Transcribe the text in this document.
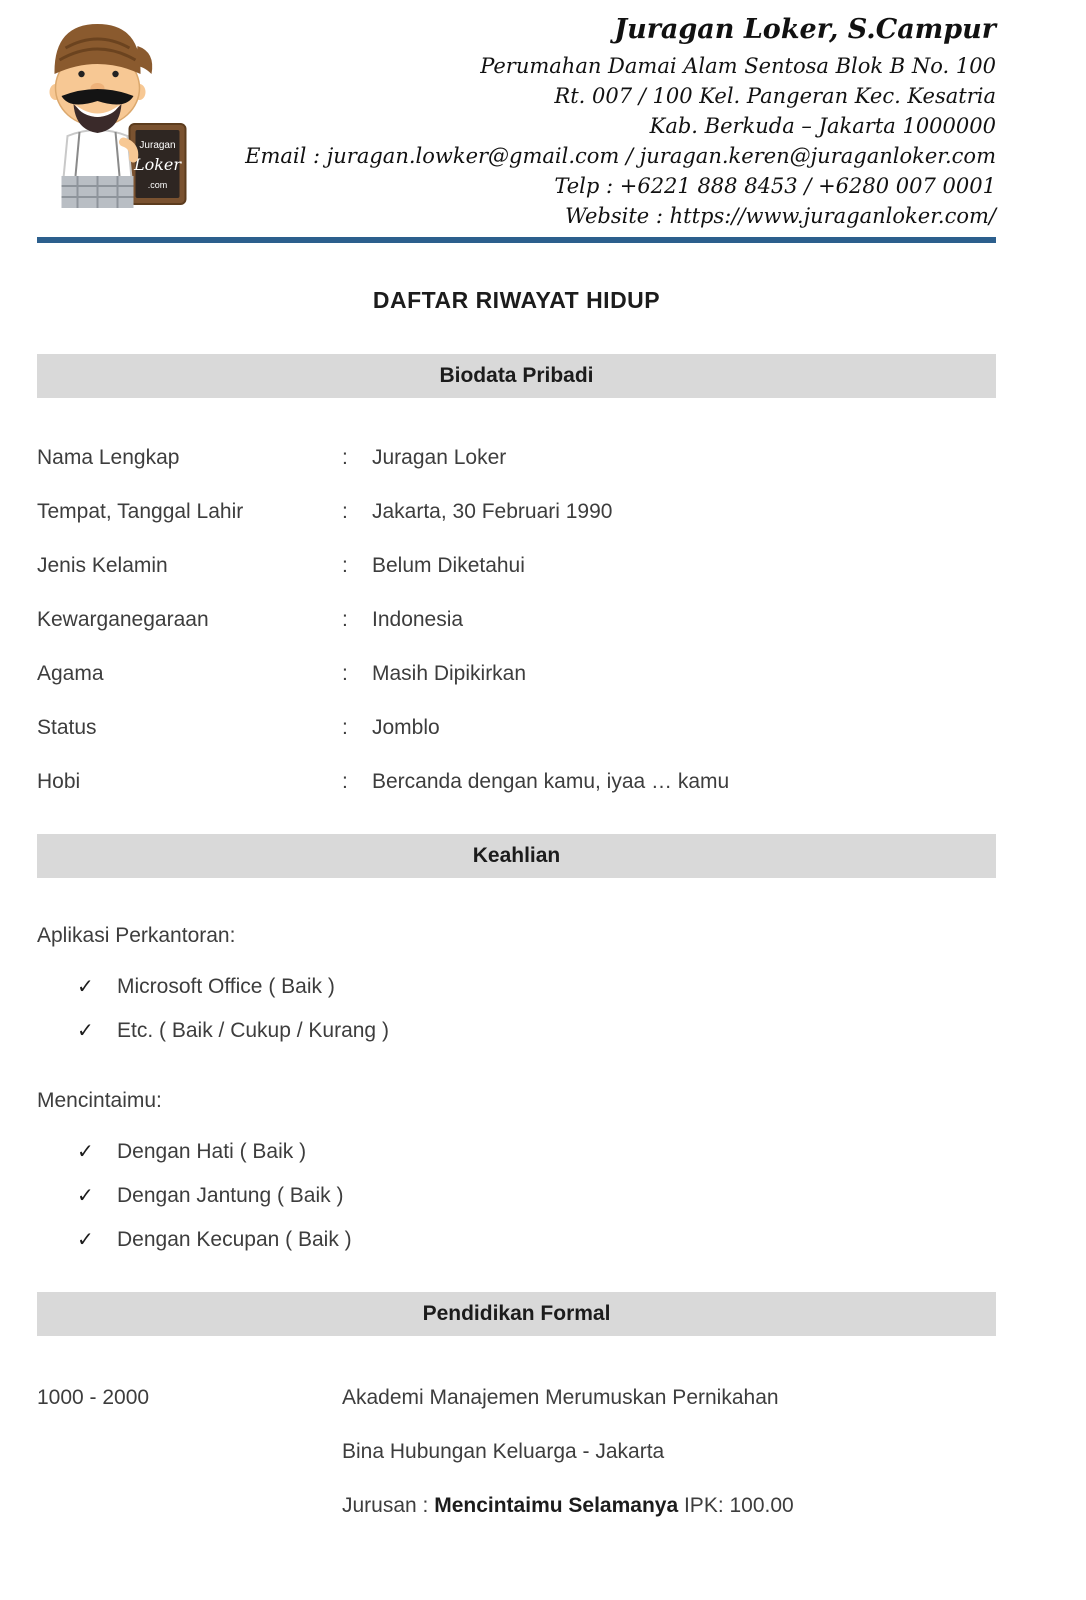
Juragan
Loker
.com
Juragan Loker, S.Campur
Perumahan Damai Alam Sentosa Blok B No. 100
Rt. 007 / 100 Kel. Pangeran Kec. Kesatria
Kab. Berkuda – Jakarta 1000000
Email : juragan.lowker@gmail.com / juragan.keren@juraganloker.com
Telp : +6221 888 8453 / +6280 007 0001
Website : https://www.juraganloker.com/
DAFTAR RIWAYAT HIDUP
Biodata Pribadi
Nama Lengkap	:	Juragan Loker
Tempat, Tanggal Lahir	:	Jakarta, 30 Februari 1990
Jenis Kelamin	:	Belum Diketahui
Kewarganegaraan	:	Indonesia
Agama	:	Masih Dipikirkan
Status	:	Jomblo
Hobi	:	Bercanda dengan kamu, iyaa … kamu
Keahlian
Aplikasi Perkantoran:
✓	Microsoft Office ( Baik )
✓	Etc. ( Baik / Cukup / Kurang )
Mencintaimu:
✓	Dengan Hati ( Baik )
✓	Dengan Jantung ( Baik )
✓	Dengan Kecupan ( Baik )
Pendidikan Formal
1000 - 2000	Akademi Manajemen Merumuskan Pernikahan
Bina Hubungan Keluarga - Jakarta
Jurusan : Mencintaimu Selamanya IPK: 100.00
